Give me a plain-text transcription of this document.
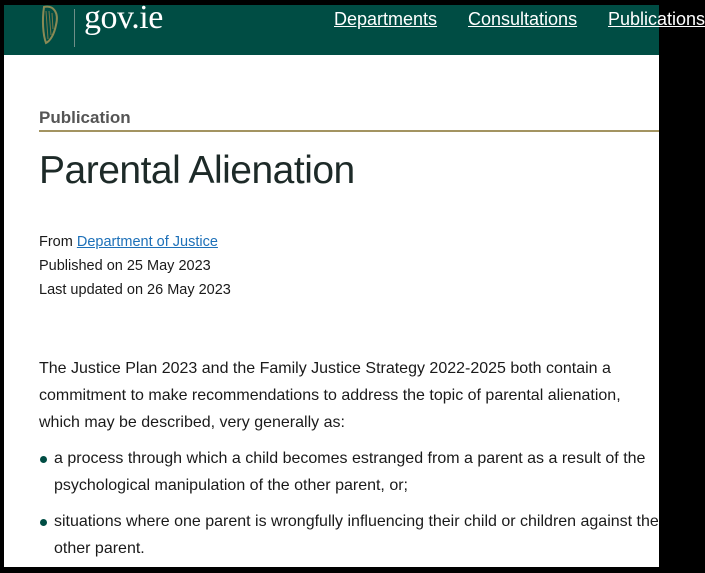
gov.ie	Departments Consultations Publications
Publication
Parental Alienation
From Department of Justice
Published on 25 May 2023
Last updated on 26 May 2023

The Justice Plan 2023 and the Family Justice Strategy 2022-2025 both contain a commitment to make recommendations to address the topic of parental alienation, which may be described, very generally as:

a process through which a child becomes estranged from a parent as a result of the psychological manipulation of the other parent, or;
situations where one parent is wrongfully influencing their child or children against the other parent.
